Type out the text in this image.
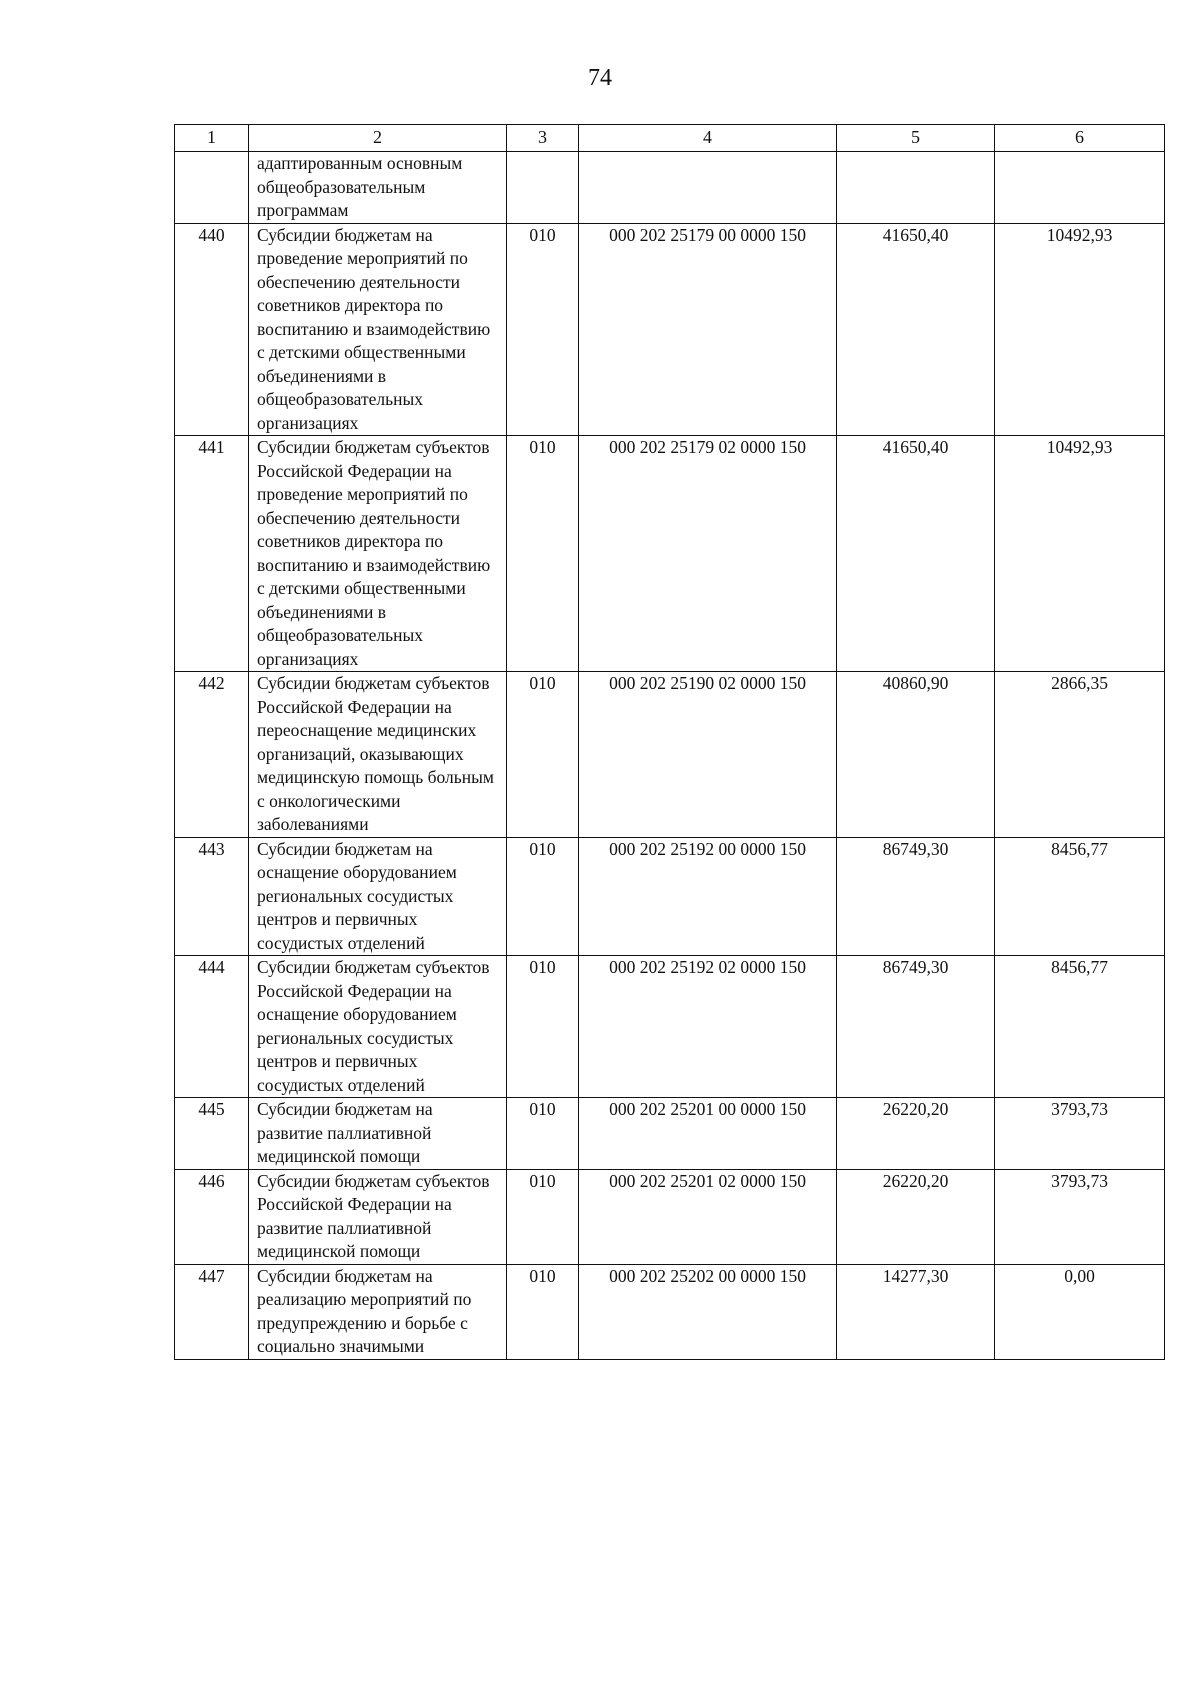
74
1	2	3	4	5	6
	адаптированным основным общеобразовательным программам				
440	Субсидии бюджетам на проведение мероприятий по обеспечению деятельности советников директора по воспитанию и взаимодействию с детскими общественными объединениями в общеобразовательных организациях	010	000 202 25179 00 0000 150	41650,40	10492,93
441	Субсидии бюджетам субъектов Российской Федерации на проведение мероприятий по обеспечению деятельности советников директора по воспитанию и взаимодействию с детскими общественными объединениями в общеобразовательных организациях	010	000 202 25179 02 0000 150	41650,40	10492,93
442	Субсидии бюджетам субъектов Российской Федерации на переоснащение медицинских организаций, оказывающих медицинскую помощь больным с онкологическими заболеваниями	010	000 202 25190 02 0000 150	40860,90	2866,35
443	Субсидии бюджетам на оснащение оборудованием региональных сосудистых центров и первичных сосудистых отделений	010	000 202 25192 00 0000 150	86749,30	8456,77
444	Субсидии бюджетам субъектов Российской Федерации на оснащение оборудованием региональных сосудистых центров и первичных сосудистых отделений	010	000 202 25192 02 0000 150	86749,30	8456,77
445	Субсидии бюджетам на развитие паллиативной медицинской помощи	010	000 202 25201 00 0000 150	26220,20	3793,73
446	Субсидии бюджетам субъектов Российской Федерации на развитие паллиативной медицинской помощи	010	000 202 25201 02 0000 150	26220,20	3793,73
447	Субсидии бюджетам на реализацию мероприятий по предупреждению и борьбе с социально значимыми	010	000 202 25202 00 0000 150	14277,30	0,00
